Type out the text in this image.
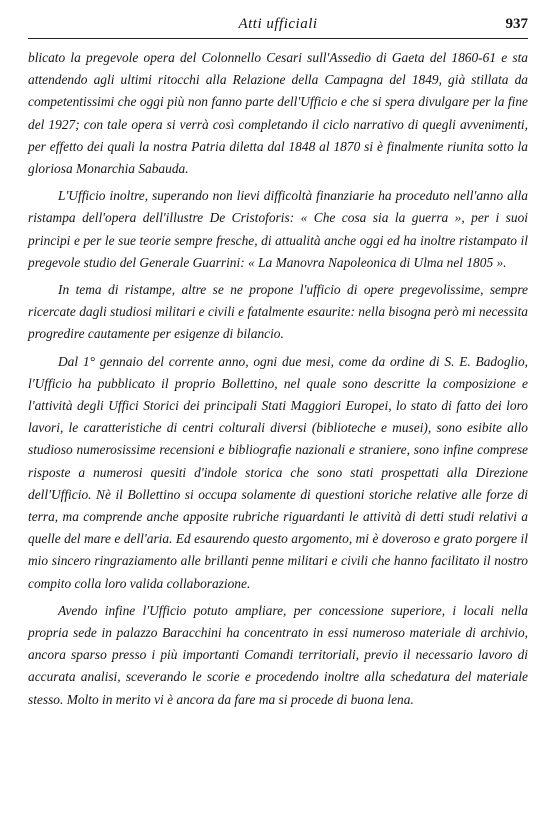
Atti ufficiali	937

blicato la pregevole opera del Colonnello Cesari sull'Assedio di Gaeta del 1860-61 e sta attendendo agli ultimi ritocchi alla Relazione della Campagna del 1849, già stillata da competentissimi che oggi più non fanno parte dell'Ufficio e che si spera divulgare per la fine del 1927; con tale opera si verrà così completando il ciclo narrativo di quegli avvenimenti, per effetto dei quali la nostra Patria diletta dal 1848 al 1870 si è finalmente riunita sotto la gloriosa Monarchia Sabauda.

L'Ufficio inoltre, superando non lievi difficoltà finanziarie ha proceduto nell'anno alla ristampa dell'opera dell'illustre De Cristoforis: « Che cosa sia la guerra », per i suoi principi e per le sue teorie sempre fresche, di attualità anche oggi ed ha inoltre ristampato il pregevole studio del Generale Guarrini: « La Manovra Napoleonica di Ulma nel 1805 ».

In tema di ristampe, altre se ne propone l'ufficio di opere pregevolissime, sempre ricercate dagli studiosi militari e civili e fatalmente esaurite: nella bisogna però mi necessita progredire cautamente per esigenze di bilancio.

Dal 1° gennaio del corrente anno, ogni due mesi, come da ordine di S. E. Badoglio, l'Ufficio ha pubblicato il proprio Bollettino, nel quale sono descritte la composizione e l'attività degli Uffici Storici dei principali Stati Maggiori Europei, lo stato di fatto dei loro lavori, le caratteristiche di centri colturali diversi (biblioteche e musei), sono esibite allo studioso numerosissime recensioni e bibliografie nazionali e straniere, sono infine comprese risposte a numerosi quesiti d'indole storica che sono stati prospettati alla Direzione dell'Ufficio. Nè il Bollettino si occupa solamente di questioni storiche relative alle forze di terra, ma comprende anche apposite rubriche riguardanti le attività di detti studi relativi a quelle del mare e dell'aria. Ed esaurendo questo argomento, mi è doveroso e grato porgere il mio sincero ringraziamento alle brillanti penne militari e civili che hanno facilitato il nostro compito colla loro valida collaborazione.

Avendo infine l'Ufficio potuto ampliare, per concessione superiore, i locali nella propria sede in palazzo Baracchini ha concentrato in essi numeroso materiale di archivio, ancora sparso presso i più importanti Comandi territoriali, previo il necessario lavoro di accurata analisi, sceverando le scorie e procedendo inoltre alla schedatura del materiale stesso. Molto in merito vi è ancora da fare ma si procede di buona lena.
